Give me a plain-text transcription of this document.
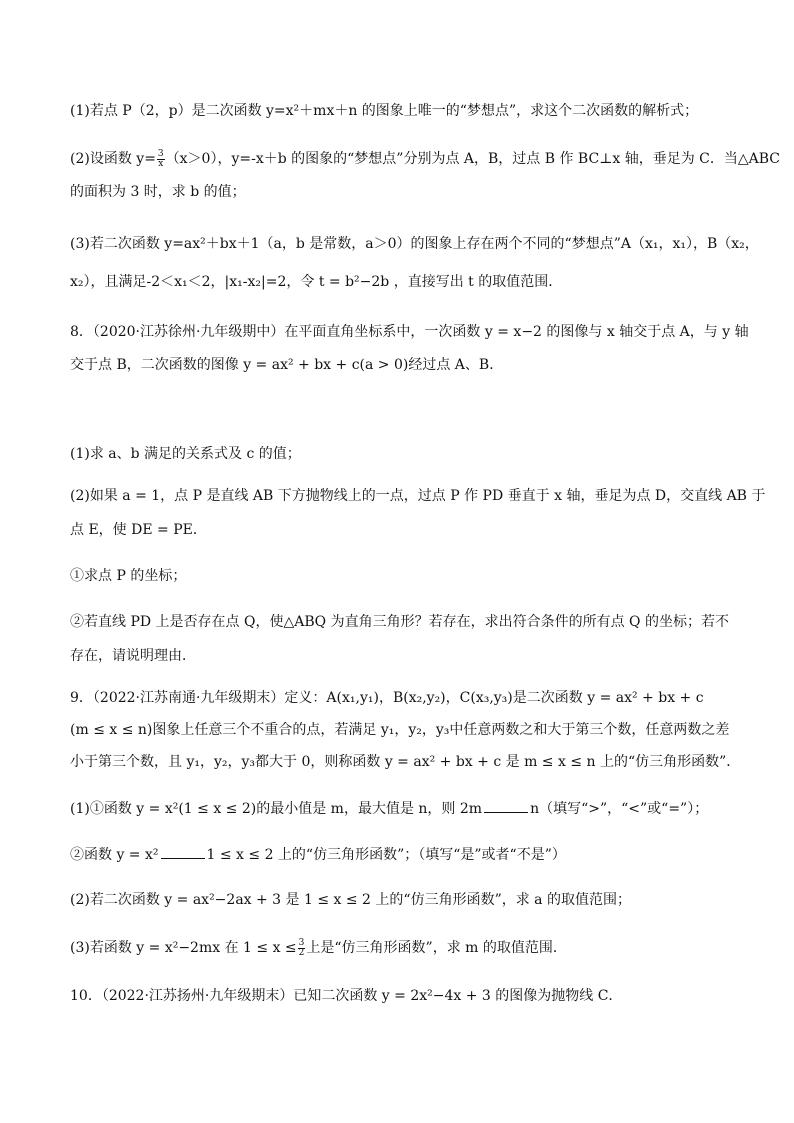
(1)若点 P（2，p）是二次函数 y=x²＋mx＋n 的图象上唯一的“梦想点”，求这个二次函数的解析式；
(2)设函数 $y= \frac{3}{x} (x>0)$，y=-x＋b 的图象的“梦想点”分别为点 A，B，过点 B 作 BC⊥x 轴，垂足为 C．当△ABC
的面积为 3 时，求 b 的值；
(3)若二次函数 y=ax²＋bx＋1（a，b 是常数，a＞0）的图象上存在两个不同的“梦想点”A（x₁，x₁），B（x₂，
x₂），且满足-2＜x₁＜2，|x₁-x₂|=2，令 t = b²−2b ，直接写出 t 的取值范围．
8．（2020·江苏徐州·九年级期中）在平面直角坐标系中，一次函数 y = x−2 的图像与 x 轴交于点 A，与 y 轴
交于点 B，二次函数的图像 y = ax² + bx + c(a > 0)经过点 A、B．
(1)求 a、b 满足的关系式及 c 的值；
(2)如果 a = 1，点 P 是直线 AB 下方抛物线上的一点，过点 P 作 PD 垂直于 x 轴，垂足为点 D，交直线 AB 于
点 E，使 DE = PE．
①求点 P 的坐标；
②若直线 PD 上是否存在点 Q，使△ABQ 为直角三角形？若存在，求出符合条件的所有点 Q 的坐标；若不
存在，请说明理由．
9．（2022·江苏南通·九年级期末）定义：A(x₁,y₁)，B(x₂,y₂)，C(x₃,y₃)是二次函数 y = ax² + bx + c
(m ≤ x ≤ n)图象上任意三个不重合的点，若满足 y₁，y₂，y₃中任意两数之和大于第三个数，任意两数之差
小于第三个数，且 y₁，y₂，y₃都大于 0，则称函数 y = ax² + bx + c 是 m ≤ x ≤ n 上的“仿三角形函数”．
(1)①函数 y = x²(1 ≤ x ≤ 2)的最小值是 m，最大值是 n，则 2m	n（填写“>”，“<”或“=”）；
②函数 y = x²	1 ≤ x ≤ 2 上的“仿三角形函数”；（填写“是”或者“不是”）
(2)若二次函数 y = ax²−2ax + 3 是 1 ≤ x ≤ 2 上的“仿三角形函数”，求 a 的取值范围；
(3)若函数 y = x²−2mx 在 $1 \le x \le \frac{3}{2}$ 上是“仿三角形函数”，求 m 的取值范围．
10．（2022·江苏扬州·九年级期末）已知二次函数 y = 2x²−4x + 3 的图像为抛物线 C．
